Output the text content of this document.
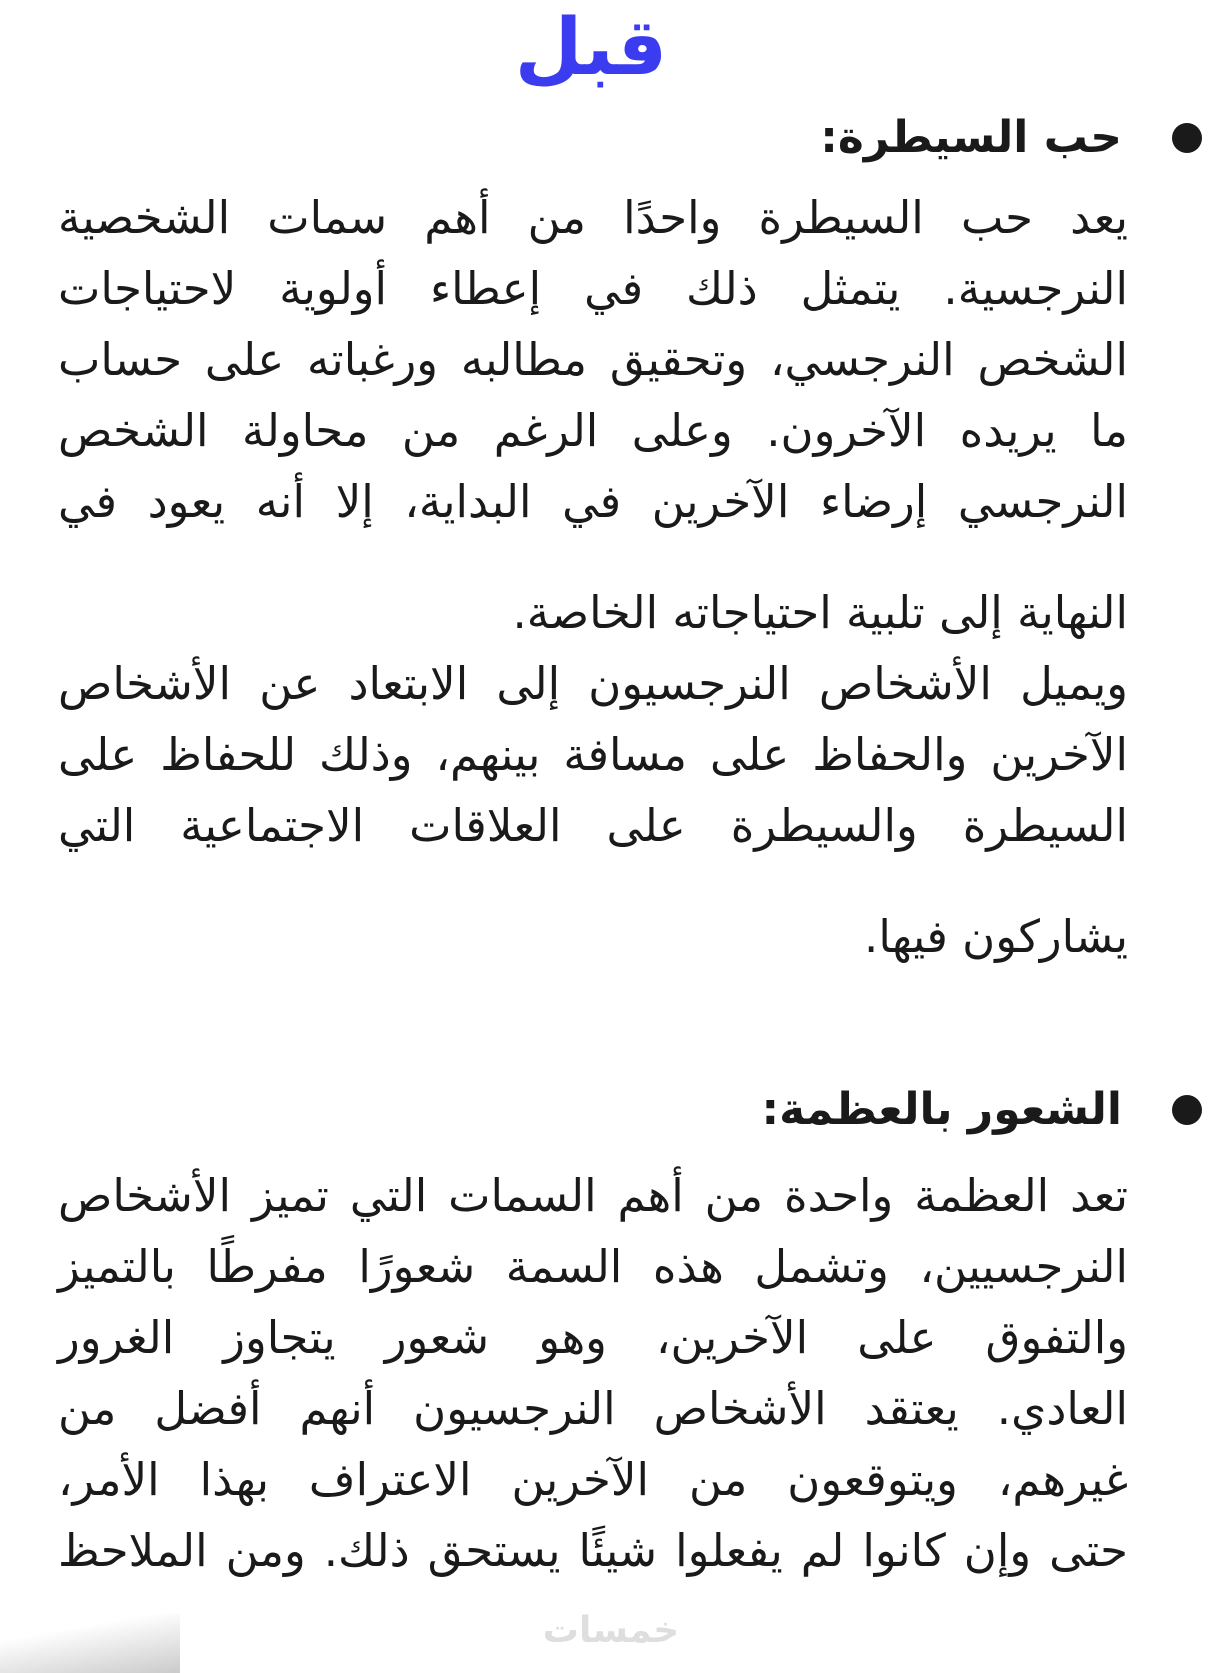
قبل
حب السيطرة:

يعد حب السيطرة واحدًا من أهم سمات الشخصية
النرجسية. يتمثل ذلك في إعطاء أولوية لاحتياجات
الشخص النرجسي، وتحقيق مطالبه ورغباته على حساب
ما يريده الآخرون. وعلى الرغم من محاولة الشخص
النرجسي إرضاء الآخرين في البداية، إلا أنه يعود في
النهاية إلى تلبية احتياجاته الخاصة.

ويميل الأشخاص النرجسيون إلى الابتعاد عن الأشخاص
الآخرين والحفاظ على مسافة بينهم، وذلك للحفاظ على
السيطرة والسيطرة على العلاقات الاجتماعية التي
يشاركون فيها.

الشعور بالعظمة:

تعد العظمة واحدة من أهم السمات التي تميز الأشخاص
النرجسيين، وتشمل هذه السمة شعورًا مفرطًا بالتميز
والتفوق على الآخرين، وهو شعور يتجاوز الغرور
العادي. يعتقد الأشخاص النرجسيون أنهم أفضل من
غيرهم، ويتوقعون من الآخرين الاعتراف بهذا الأمر،
حتى وإن كانوا لم يفعلوا شيئًا يستحق ذلك. ومن الملاحظ

خمسات
